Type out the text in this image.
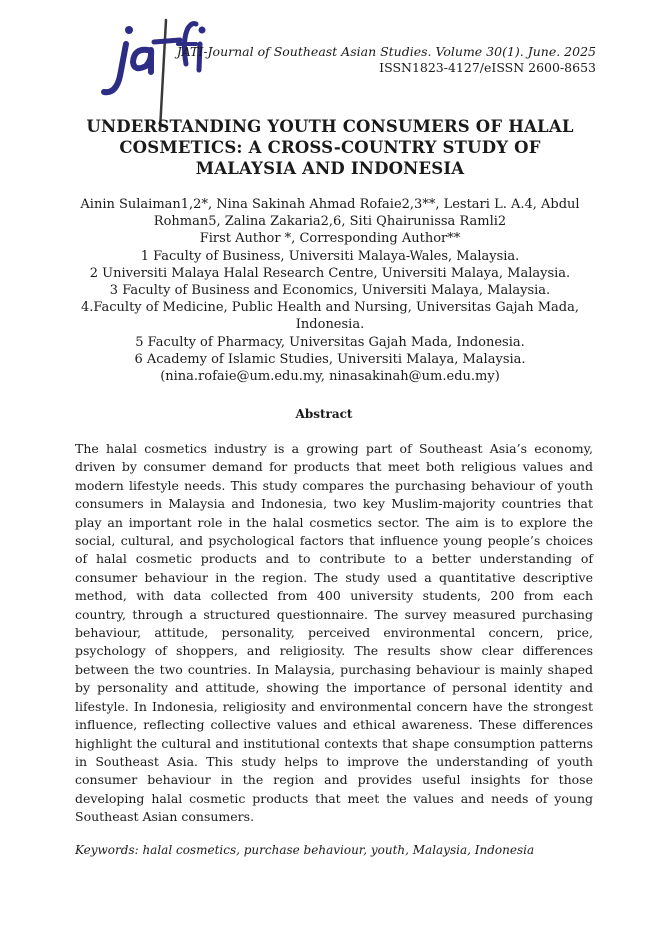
JATI-Journal of Southeast Asian Studies. Volume 30(1). June. 2025
ISSN1823-4127/eISSN 2600-8653
UNDERSTANDING YOUTH CONSUMERS OF HALAL
COSMETICS: A CROSS-COUNTRY STUDY OF
MALAYSIA AND INDONESIA
Ainin Sulaiman1,2*, Nina Sakinah Ahmad Rofaie2,3**, Lestari L. A.4, Abdul
Rohman5, Zalina Zakaria2,6, Siti Qhairunissa Ramli2
First Author *, Corresponding Author**
1 Faculty of Business, Universiti Malaya-Wales, Malaysia.
2 Universiti Malaya Halal Research Centre, Universiti Malaya, Malaysia.
3 Faculty of Business and Economics, Universiti Malaya, Malaysia.
4.Faculty of Medicine, Public Health and Nursing, Universitas Gajah Mada,
Indonesia.
5 Faculty of Pharmacy, Universitas Gajah Mada, Indonesia.
6 Academy of Islamic Studies, Universiti Malaya, Malaysia.
(nina.rofaie@um.edu.my, ninasakinah@um.edu.my)
Abstract

The halal cosmetics industry is a growing part of Southeast Asia’s economy, driven by consumer demand for products that meet both religious values and modern lifestyle needs. This study compares the purchasing behaviour of youth consumers in Malaysia and Indonesia, two key Muslim-majority countries that play an important role in the halal cosmetics sector. The aim is to explore the social, cultural, and psychological factors that influence young people’s choices of halal cosmetic products and to contribute to a better understanding of consumer behaviour in the region. The study used a quantitative descriptive method, with data collected from 400 university students, 200 from each country, through a structured questionnaire. The survey measured purchasing behaviour, attitude, personality, perceived environmental concern, price, psychology of shoppers, and religiosity. The results show clear differences between the two countries. In Malaysia, purchasing behaviour is mainly shaped by personality and attitude, showing the importance of personal identity and lifestyle. In Indonesia, religiosity and environmental concern have the strongest influence, reflecting collective values and ethical awareness. These differences highlight the cultural and institutional contexts that shape consumption patterns in Southeast Asia. This study helps to improve the understanding of youth consumer behaviour in the region and provides useful insights for those developing halal cosmetic products that meet the values and needs of young Southeast Asian consumers.

Keywords: halal cosmetics, purchase behaviour, youth, Malaysia, Indonesia
